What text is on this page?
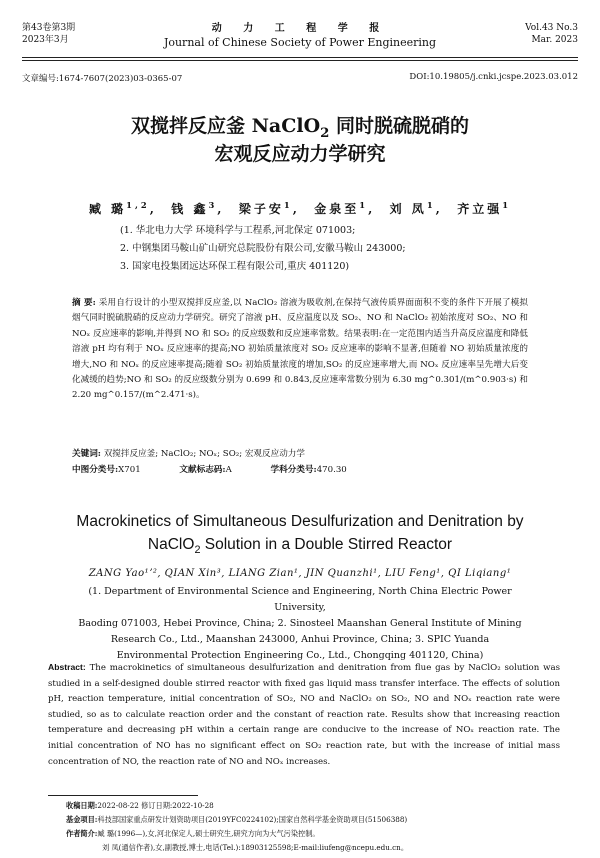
第43卷第3期
2023年3月
动 力 工 程 学 报
Journal of Chinese Society of Power Engineering
Vol.43 No.3
Mar. 2023
文章编号:1674-7607(2023)03-0365-07	DOI:10.19805/j.cnki.jcspe.2023.03.012
双搅拌反应釜 NaClO$_2$ 同时脱硫脱硝的
宏观反应动力学研究
臧 璐$^{1,2}$,  钱 鑫$^3$,  梁子安$^1$,  金泉至$^1$,  刘 凤$^1$,  齐立强$^1$
(1. 华北电力大学 环境科学与工程系,河北保定 071003;
2. 中钢集团马鞍山矿山研究总院股份有限公司,安徽马鞍山 243000;
3. 国家电投集团远达环保工程有限公司,重庆 401120)
摘 要: 采用自行设计的小型双搅拌反应釜,以 NaClO₂ 溶液为吸收剂,在保持气液传质界面面积不变的条件下开展了模拟烟气同时脱硫脱硝的反应动力学研究。研究了溶液 pH、反应温度以及 SO₂、NO 和 NaClO₂ 初始浓度对 SO₂、NO 和 NOₓ 反应速率的影响,并得到 NO 和 SO₂ 的反应级数和反应速率常数。结果表明:在一定范围内适当升高反应温度和降低溶液 pH 均有利于 NOₓ 反应速率的提高;NO 初始质量浓度对 SO₂ 反应速率的影响不显著,但随着 NO 初始质量浓度的增大,NO 和 NOₓ 的反应速率提高;随着 SO₂ 初始质量浓度的增加,SO₂ 的反应速率增大,而 NOₓ 反应速率呈先增大后变化减缓的趋势;NO 和 SO₂ 的反应级数分别为 0.699 和 0.843,反应速率常数分别为 6.30 mg^0.301/(m^0.903·s) 和 2.20 mg^0.157/(m^2.471·s)。
关键词: 双搅拌反应釜; NaClO₂; NOₓ; SO₂; 宏观反应动力学
中图分类号:X701	文献标志码:A	学科分类号:470.30
Macrokinetics of Simultaneous Desulfurization and Denitration by
NaClO$_2$ Solution in a Double Stirred Reactor
ZANG Yao¹ʼ², QIAN Xin³, LIANG Zian¹, JIN Quanzhi¹, LIU Feng¹, QI Liqiang¹
(1. Department of Environmental Science and Engineering, North China Electric Power University,
Baoding 071003, Hebei Province, China; 2. Sinosteel Maanshan General Institute of Mining
Research Co., Ltd., Maanshan 243000, Anhui Province, China; 3. SPIC Yuanda
Environmental Protection Engineering Co., Ltd., Chongqing 401120, China)
Abstract: The macrokinetics of simultaneous desulfurization and denitration from flue gas by NaClO₂ solution was studied in a self-designed double stirred reactor with fixed gas liquid mass transfer interface. The effects of solution pH, reaction temperature, initial concentration of SO₂, NO and NaClO₂ on SO₂, NO and NOₓ reaction rate were studied, so as to calculate reaction order and the constant of reaction rate. Results show that increasing reaction temperature and decreasing pH within a certain range are conducive to the increase of NOₓ reaction rate. The initial concentration of NO has no significant effect on SO₂ reaction rate, but with the increase of initial mass concentration of NO, the reaction rate of NO and NOₓ increases.
收稿日期:2022-08-22 修订日期:2022-10-28
基金项目:科技部国家重点研发计划资助项目(2019YFC0224102);国家自然科学基金资助项目(51506388)
作者简介:臧 璐(1996—),女,河北保定人,硕士研究生,研究方向为大气污染控制。
刘 凤(通信作者),女,副教授,博士,电话(Tel.):18903125598;E-mail:liufeng@ncepu.edu.cn。
